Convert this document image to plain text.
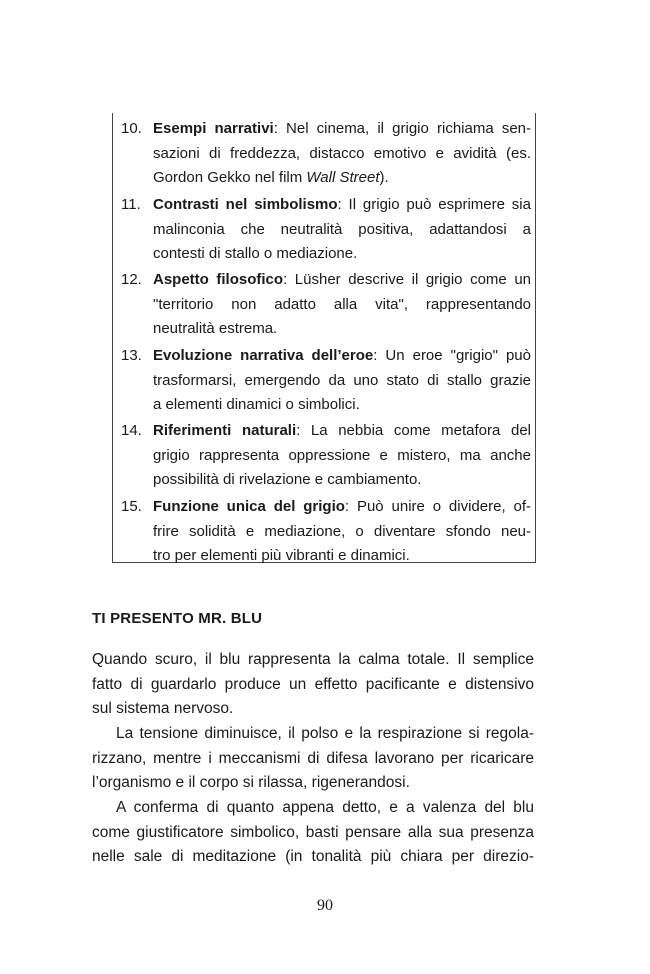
10. Esempi narrativi: Nel cinema, il grigio richiama sen-
sazioni di freddezza, distacco emotivo e avidità (es.
Gordon Gekko nel film Wall Street).
11. Contrasti nel simbolismo: Il grigio può esprimere sia
malinconia che neutralità positiva, adattandosi a
contesti di stallo o mediazione.
12. Aspetto filosofico: Lüsher descrive il grigio come un
"territorio non adatto alla vita", rappresentando
neutralità estrema.
13. Evoluzione narrativa dell’eroe: Un eroe "grigio" può
trasformarsi, emergendo da uno stato di stallo grazie
a elementi dinamici o simbolici.
14. Riferimenti naturali: La nebbia come metafora del
grigio rappresenta oppressione e mistero, ma anche
possibilità di rivelazione e cambiamento.
15. Funzione unica del grigio: Può unire o dividere, of-
frire solidità e mediazione, o diventare sfondo neu-
tro per elementi più vibranti e dinamici.
TI PRESENTO MR. BLU
Quando scuro, il blu rappresenta la calma totale. Il semplice
fatto di guardarlo produce un effetto pacificante e distensivo
sul sistema nervoso.
La tensione diminuisce, il polso e la respirazione si regola-
rizzano, mentre i meccanismi di difesa lavorano per ricaricare
l’organismo e il corpo si rilassa, rigenerandosi.
A conferma di quanto appena detto, e a valenza del blu
come giustificatore simbolico, basti pensare alla sua presenza
nelle sale di meditazione (in tonalità più chiara per direzio-
90
